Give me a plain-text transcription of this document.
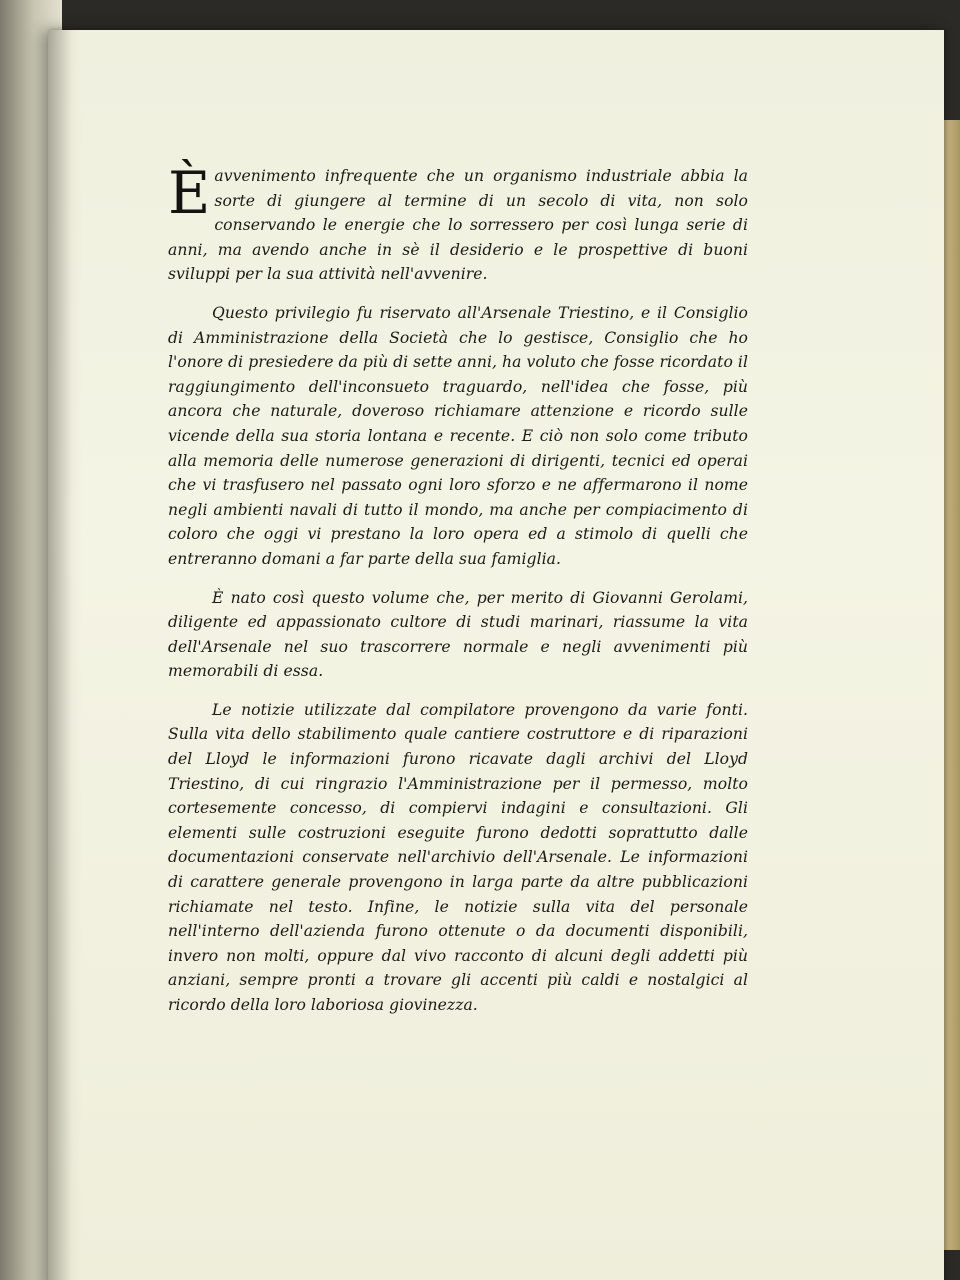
Èavvenimento infrequente che un organismo industriale abbia la sorte di giungere al termine di un secolo di vita, non solo conservando le energie che lo sorressero per così lunga serie di anni, ma avendo anche in sè il desiderio e le prospettive di buoni sviluppi per la sua attività nell'avvenire.

Questo privilegio fu riservato all'Arsenale Triestino, e il Consiglio di Amministrazione della Società che lo gestisce, Consiglio che ho l'onore di presiedere da più di sette anni, ha voluto che fosse ricordato il raggiungimento dell'inconsueto traguardo, nell'idea che fosse, più ancora che naturale, doveroso richiamare attenzione e ricordo sulle vicende della sua storia lontana e recente. E ciò non solo come tributo alla memoria delle numerose generazioni di dirigenti, tecnici ed operai che vi trasfusero nel passato ogni loro sforzo e ne affermarono il nome negli ambienti navali di tutto il mondo, ma anche per compiacimento di coloro che oggi vi prestano la loro opera ed a stimolo di quelli che entreranno domani a far parte della sua famiglia.

È nato così questo volume che, per merito di Giovanni Gerolami, diligente ed appassionato cultore di studi marinari, riassume la vita dell'Arsenale nel suo trascorrere normale e negli avvenimenti più memorabili di essa.

Le notizie utilizzate dal compilatore provengono da varie fonti. Sulla vita dello stabilimento quale cantiere costruttore e di riparazioni del Lloyd le informazioni furono ricavate dagli archivi del Lloyd Triestino, di cui ringrazio l'Amministrazione per il permesso, molto cortesemente concesso, di compiervi indagini e consultazioni. Gli elementi sulle costruzioni eseguite furono dedotti soprattutto dalle documentazioni conservate nell'archivio dell'Arsenale. Le informazioni di carattere generale provengono in larga parte da altre pubblicazioni richiamate nel testo. Infine, le notizie sulla vita del personale nell'interno dell'azienda furono ottenute o da documenti disponibili, invero non molti, oppure dal vivo racconto di alcuni degli addetti più anziani, sempre pronti a trovare gli accenti più caldi e nostalgici al ricordo della loro laboriosa giovinezza.
